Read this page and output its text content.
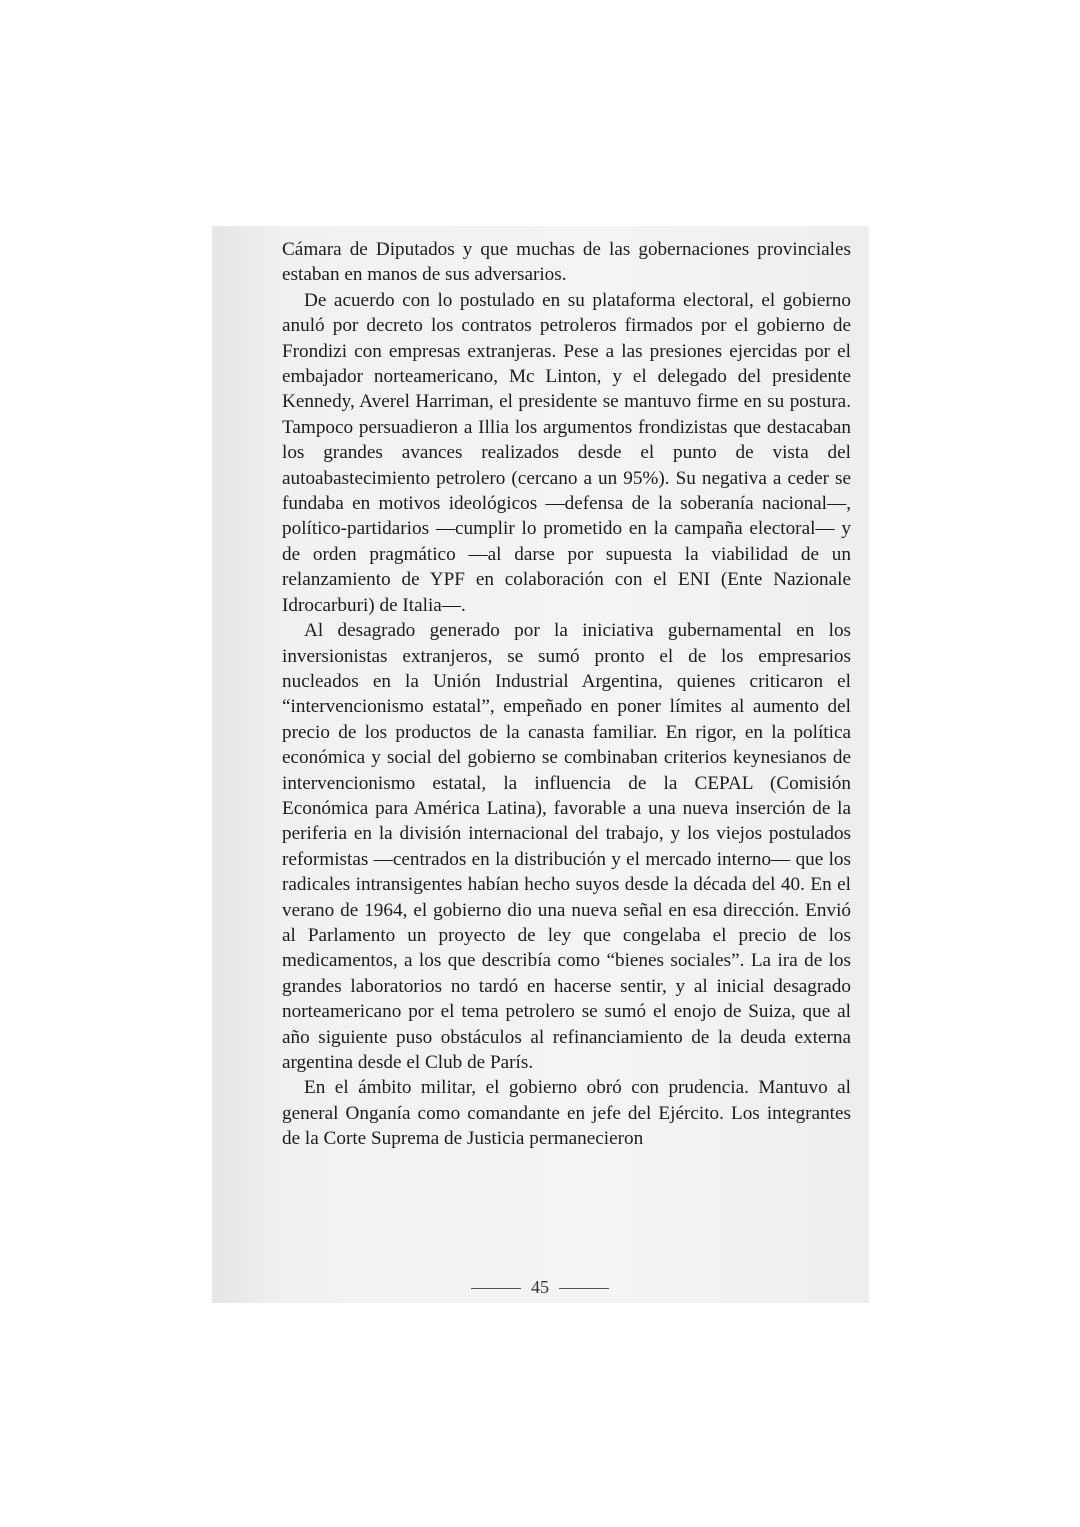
Cámara de Diputados y que muchas de las gobernaciones provinciales estaban en manos de sus adversarios.

De acuerdo con lo postulado en su plataforma electoral, el gobierno anuló por decreto los contratos petroleros firmados por el gobierno de Frondizi con empresas extranjeras. Pese a las presiones ejercidas por el embajador norteamericano, Mc Linton, y el delegado del presidente Kennedy, Averel Harriman, el presidente se mantuvo firme en su postura. Tampoco persuadieron a Illia los argumentos frondizistas que destacaban los grandes avances realizados desde el punto de vista del autoabastecimiento petrolero (cercano a un 95%). Su negativa a ceder se fundaba en motivos ideológicos —defensa de la soberanía nacional—, político-partidarios —cumplir lo prometido en la campaña electoral— y de orden pragmático —al darse por supuesta la viabilidad de un relanzamiento de YPF en colaboración con el ENI (Ente Nazionale Idrocarburi) de Italia—.

Al desagrado generado por la iniciativa gubernamental en los inversionistas extranjeros, se sumó pronto el de los empresarios nucleados en la Unión Industrial Argentina, quienes criticaron el “intervencionismo estatal”, empeñado en poner límites al aumento del precio de los productos de la canasta familiar. En rigor, en la política económica y social del gobierno se combinaban criterios keynesianos de intervencionismo estatal, la influencia de la CEPAL (Comisión Económica para América Latina), favorable a una nueva inserción de la periferia en la división internacional del trabajo, y los viejos postulados reformistas —centrados en la distribución y el mercado interno— que los radicales intransigentes habían hecho suyos desde la década del 40. En el verano de 1964, el gobierno dio una nueva señal en esa dirección. Envió al Parlamento un proyecto de ley que congelaba el precio de los medicamentos, a los que describía como “bienes sociales”. La ira de los grandes laboratorios no tardó en hacerse sentir, y al inicial desagrado norteamericano por el tema petrolero se sumó el enojo de Suiza, que al año siguiente puso obstáculos al refinanciamiento de la deuda externa argentina desde el Club de París.

En el ámbito militar, el gobierno obró con prudencia. Mantuvo al general Onganía como comandante en jefe del Ejército. Los integrantes de la Corte Suprema de Justicia permanecieron

45
